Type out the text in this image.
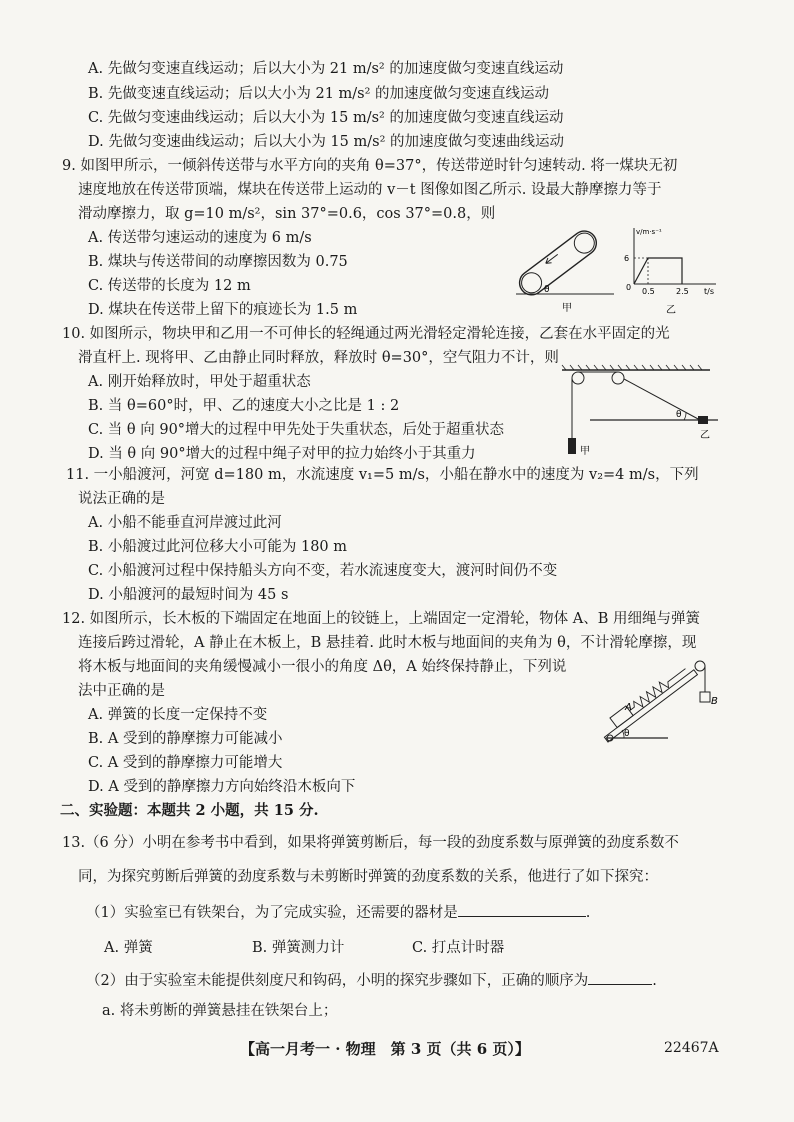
A. 先做匀变速直线运动；后以大小为 21 m/s² 的加速度做匀变速直线运动
B. 先做变速直线运动；后以大小为 21 m/s² 的加速度做匀变速直线运动
C. 先做匀变速曲线运动；后以大小为 15 m/s² 的加速度做匀变速直线运动
D. 先做匀变速曲线运动；后以大小为 15 m/s² 的加速度做匀变速曲线运动
9. 如图甲所示，一倾斜传送带与水平方向的夹角 θ=37°，传送带逆时针匀速转动. 将一煤块无初
速度地放在传送带顶端，煤块在传送带上运动的 v－t 图像如图乙所示. 设最大静摩擦力等于
滑动摩擦力，取 g=10 m/s²，sin 37°=0.6，cos 37°=0.8，则
A. 传送带匀速运动的速度为 6 m/s
B. 煤块与传送带间的动摩擦因数为 0.75
C. 传送带的长度为 12 m
D. 煤块在传送带上留下的痕迹长为 1.5 m
θ
甲
v/m·s⁻¹
t/s
6
0 0.5	2.5
乙
10. 如图所示，物块甲和乙用一不可伸长的轻绳通过两光滑轻定滑轮连接，乙套在水平固定的光
滑直杆上. 现将甲、乙由静止同时释放，释放时 θ=30°，空气阻力不计，则
A. 刚开始释放时，甲处于超重状态
B. 当 θ=60°时，甲、乙的速度大小之比是 1 : 2
C. 当 θ 向 90°增大的过程中甲先处于失重状态，后处于超重状态
D. 当 θ 向 90°增大的过程中绳子对甲的拉力始终小于其重力	甲
θ
乙
11. 一小船渡河，河宽 d=180 m，水流速度 v₁=5 m/s，小船在静水中的速度为 v₂=4 m/s，下列
说法正确的是
A. 小船不能垂直河岸渡过此河
B. 小船渡过此河位移大小可能为 180 m
C. 小船渡河过程中保持船头方向不变，若水流速度变大，渡河时间仍不变
D. 小船渡河的最短时间为 45 s
12. 如图所示，长木板的下端固定在地面上的铰链上，上端固定一定滑轮，物体 A、B 用细绳与弹簧
连接后跨过滑轮，A 静止在木板上，B 悬挂着. 此时木板与地面间的夹角为 θ，不计滑轮摩擦，现
将木板与地面间的夹角缓慢减小一很小的角度 Δθ，A 始终保持静止，下列说
法中正确的是
A. 弹簧的长度一定保持不变
B. A 受到的静摩擦力可能减小
C. A 受到的静摩擦力可能增大
D. A 受到的静摩擦力方向始终沿木板向下
A
B
θ
二、实验题：本题共 2 小题，共 15 分.
13.（6 分）小明在参考书中看到，如果将弹簧剪断后，每一段的劲度系数与原弹簧的劲度系数不
同，为探究剪断后弹簧的劲度系数与未剪断时弹簧的劲度系数的关系，他进行了如下探究：
（1）实验室已有铁架台，为了完成实验，还需要的器材是	.
A. 弹簧	B. 弹簧测力计	C. 打点计时器
（2）由于实验室未能提供刻度尺和钩码，小明的探究步骤如下，正确的顺序为	.
a. 将未剪断的弹簧悬挂在铁架台上；
【高一月考一 · 物理　第 3 页（共 6 页）】	22467A
